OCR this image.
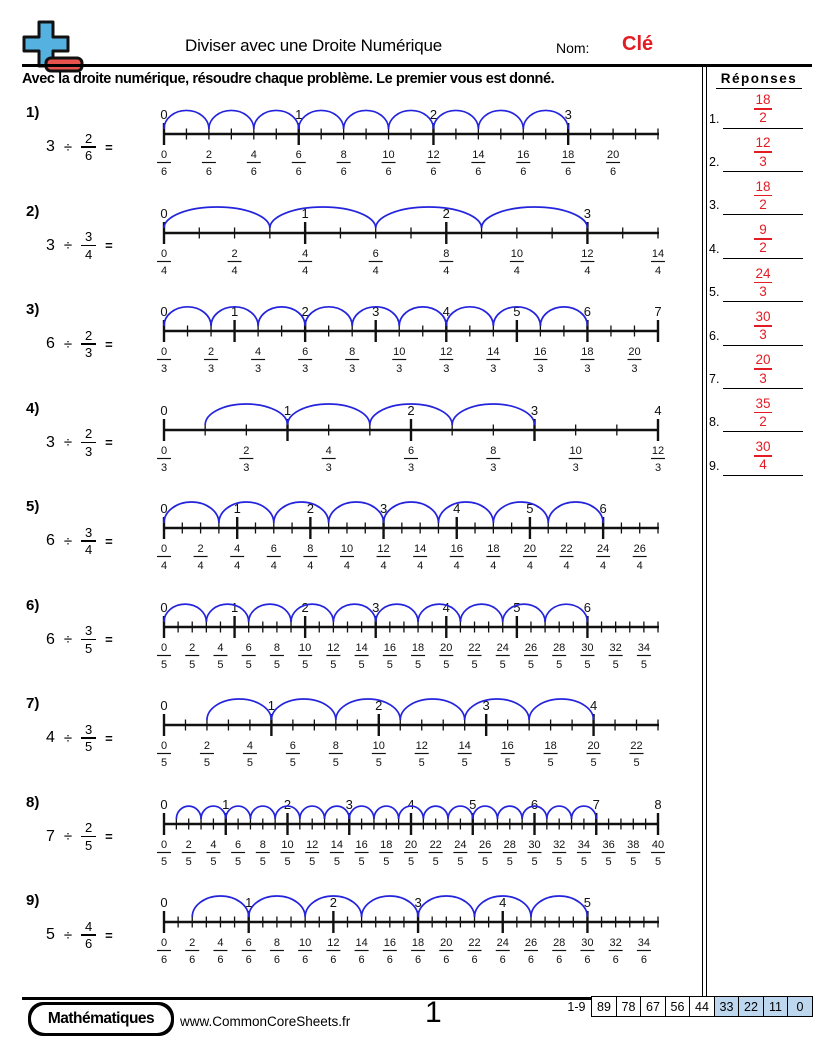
Diviser avec une Droite Numérique	Nom: Clé
Avec la droite numérique, résoudre chaque problème. Le premier vous est donné.
1)
$3 \div \frac{2}{6}$ =
0	1	2	3
0
6
2
6
4
6
6
6
8
6
10
6
12
6
14
6
16
6
18
6
20
6
2)
$3 \div \frac{3}{4}$ =
0	1	2	3
0
4
2
4
4
4
6
4
8
4
10
4
12
4
14
4
3)
$6 \div \frac{2}{3}$ =
0	1	2	3	4	5	6	7
0
3
2
3
4
3
6
3
8
3
10
3
12
3
14
3
16
3
18
3
20
3
4)
$3 \div \frac{2}{3}$ =
0	1	2	3	4
0
3
2
3
4
3
6
3
8
3
10
3
12
3
5)
$6 \div \frac{3}{4}$ =
0	1	2	3	4	5	6
0
4
2
4
4
4
6
4
8
4
10
4
12
4
14
4
16
4
18
4
20
4
22
4
24
4
26
4
6)
$6 \div \frac{3}{5}$ =
0	1	2	3	4	5	6
0
5
2
5
4
5
6
5
8
5
10
5
12
5
14
5
16
5
18
5
20
5
22
5
24
5
26
5
28
5
30
5
32
5
34
5
7)
$4 \div \frac{3}{5}$ =
0	1	2	3	4
0
5
2
5
4
5
6
5
8
5
10
5
12
5
14
5
16
5
18
5
20
5
22
5
8)
$7 \div \frac{2}{5}$ =
0	1	2	3	4	5	6	7	8
0
5
2
5
4
5
6
5
8
5
10
5
12
5
14
5
16
5
18
5
20
5
22
5
24
5
26
5
28
5
30
5
32
5
34
5
36
5
38
5
40
5
9)
$5 \div \frac{4}{6}$ =
0	1	2	3	4	5
0
6
2
6
4
6
6
6
8
6
10
6
12
6
14
6
16
6
18
6
20
6
22
6
24
6
26
6
28
6
30
6
32
6
34
6
Réponses
1.
18
2
2.
12
3
3.
18
2
4.
9
2
5.
24
3
6.
30
3
7.
20
3
8.
35
2
9.
30
4
Mathématiques	www.CommonCoreSheets.fr 1	1-9 89 78 67 56 44 33 22 11	0
